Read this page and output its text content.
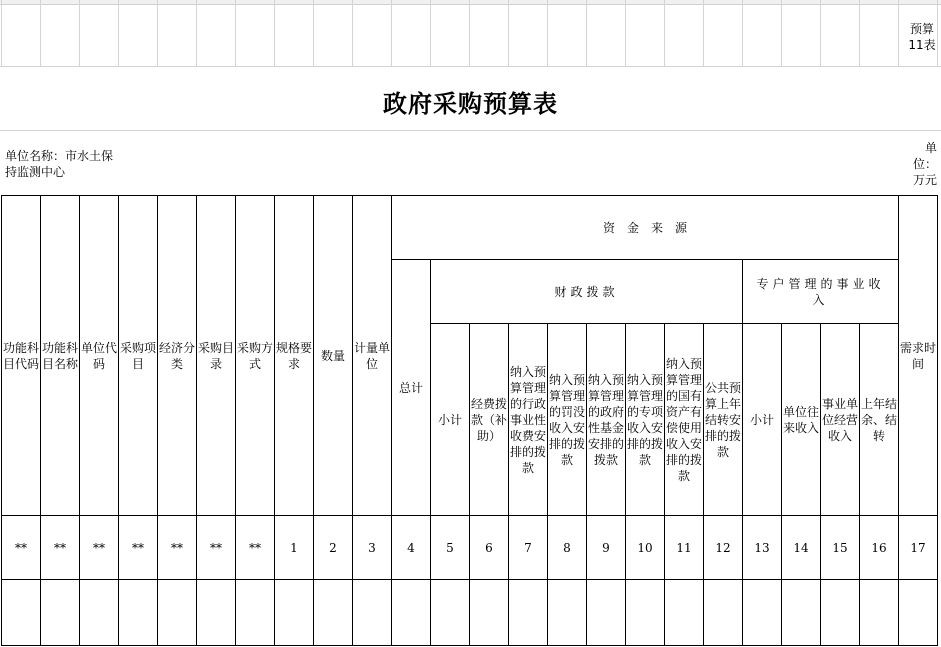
预算11表
政府采购预算表
单位名称：市水土保持监测中心
单位：万元
功能科目代码	功能科目名称	单位代码	采购项目	经济分类	采购目录	采购方式	规格要求	数量	计量单位	资　金　来　源													需求时间
										总计	财政拨款								专户管理的事业收入				
											小计	经费拨款（补助）	纳入预算管理的行政事业性收费安排的拨款	纳入预算管理的罚没收入安排的拨款	纳入预算管理的政府性基金安排的拨款	纳入预算管理的专项收入安排的拨款	纳入预算管理的国有资产有偿使用收入安排的拨款	公共预算上年结转安排的拨款	小计	单位往来收入	事业单位经营收入	上年结余、结转	
**	**	**	**	**	**	**	1	2	3	4	5	6	7	8	9	10	11	12	13	14	15	16	17
